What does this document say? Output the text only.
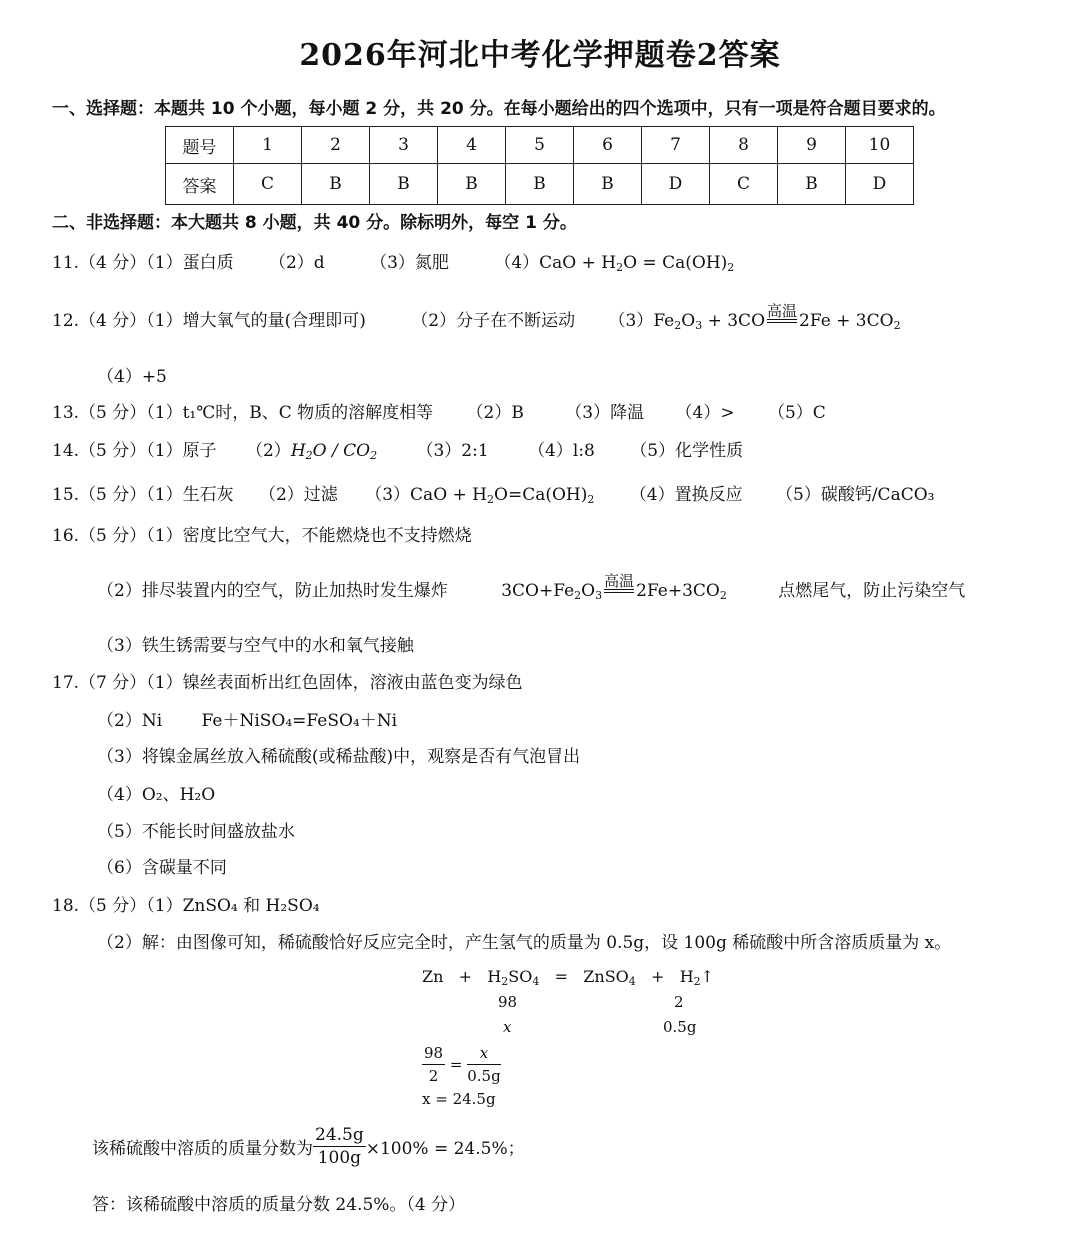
2026年河北中考化学押题卷2答案
一、选择题：本题共 10 个小题，每小题 2 分，共 20 分。在每小题给出的四个选项中，只有一项是符合题目要求的。
题号	1	2	3	4	5	6	7	8	9	10
答案	C	B	B	B	B	B	D	C	B	D
二、非选择题：本大题共 8 小题，共 40 分。除标明外，每空 1 分。
11.（4 分）（1）蛋白质 （2）d	（3）氮肥	$(4)CaO + H_2O = Ca(OH)_2$
12.（4 分）（1）增大氧气的量(合理即可)	（2）分子在不断运动 $(3)Fe_2O_3 + 3CO$ 高温 $2Fe + 3CO_2$
（4）+5
13.（5 分）（1）t₁℃时，B、C 物质的溶解度相等 （2）B （3）降温 （4）> （5）C
14.（5 分）（1）原子 $(2)H_2O / CO_2$ （3）2:1 （4）l:8 （5）化学性质
15.（5 分）（1）生石灰 （2）过滤 $(3)CaO + H_2O=Ca(OH)_2$ （4）置换反应 （5）碳酸钙/CaCO₃
16.（5 分）（1）密度比空气大，不能燃烧也不支持燃烧
（2）排尽装置内的空气，防止加热时发生爆炸	$3CO+Fe_2O_3$
高温 $2Fe+3CO_2$	点燃尾气，防止污染空气
（3）铁生锈需要与空气中的水和氧气接触
17.（7 分）（1）镍丝表面析出红色固体，溶液由蓝色变为绿色
（2）Ni　　 Fe＋NiSO₄=FeSO₄＋Ni
（3）将镍金属丝放入稀硫酸(或稀盐酸)中，观察是否有气泡冒出
（4）O₂、H₂O
（5）不能长时间盛放盐水
（6）含碳量不同
18.（5 分）（1）ZnSO₄ 和 H₂SO₄
（2）解：由图像可知，稀硫酸恰好反应完全时，产生氢气的质量为 0.5g，设 100g 稀硫酸中所含溶质质量为 x。
$Zn + H_2SO_4$   =   ZnSO$_4$   +   $H_2↑$
98	2
x	0.5g
$\frac{98}{2} = \frac{x}{0.5g}$
x = 24.5g
该稀硫酸中溶质的质量分数为 $\frac{24.5g}{100g} \times 100\% = 24.5\%$；
答：该稀硫酸中溶质的质量分数 24.5%。（4 分）
